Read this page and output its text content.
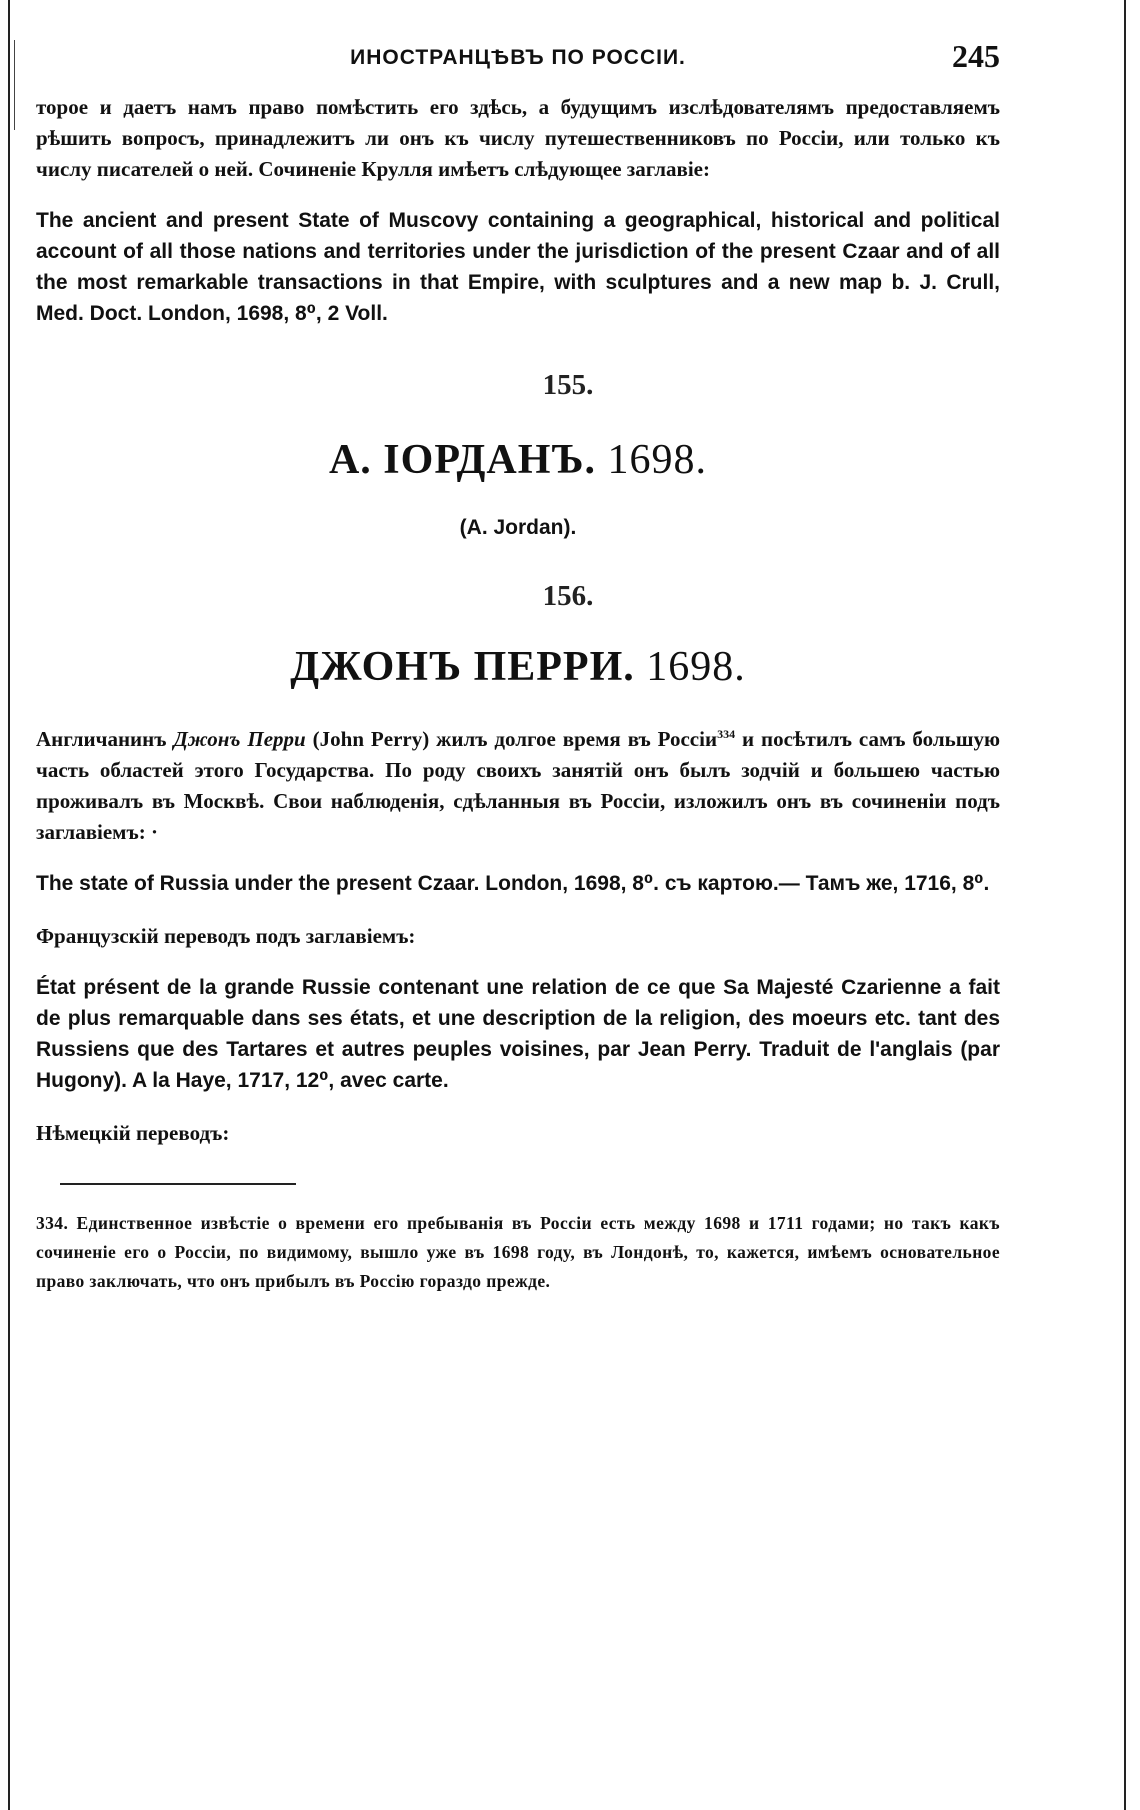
ИНОСТРАНЦѢВЪ ПО РОССІИ.	245

торое и даетъ намъ право помѣстить его здѣсь, а будущимъ изслѣдователямъ предоставляемъ рѣшить вопросъ, принадлежитъ ли онъ къ числу путешественниковъ по Россіи, или только къ числу писателей о ней. Сочиненіе Крулля имѣетъ слѣдующее заглавіе:

The ancient and present State of Muscovy containing a geographical, historical and political account of all those nations and territories under the jurisdiction of the present Czaar and of all the most remarkable transactions in that Empire, with sculptures and a new map b. J. Crull, Med. Doct. London, 1698, 8⁰, 2 Voll.

155.
А. ІОРДАНЪ. 1698.
(A. Jordan).
156.
ДЖОНЪ ПЕРРИ. 1698.

Англичанинъ Джонъ Перри (John Perry) жилъ долгое время въ Россіи$^{334}$ и посѣтилъ самъ большую часть областей этого Государства. По роду своихъ занятій онъ былъ зодчій и большею частью проживалъ въ Москвѣ. Свои наблюденія, сдѣланныя въ Россіи, изложилъ онъ въ сочиненіи подъ заглавіемъ: ·

The state of Russia under the present Czaar. London, 1698, 8⁰. съ картою.— Тамъ же, 1716, 8⁰.

Французскій переводъ подъ заглавіемъ:

État présent de la grande Russie contenant une relation de ce que Sa Majesté Czarienne a fait de plus remarquable dans ses états, et une description de la religion, des moeurs etc. tant des Russiens que des Tartares et autres peuples voisines, par Jean Perry. Traduit de l'anglais (par Hugony). A la Haye, 1717, 12⁰, avec carte.

Нѣмецкій переводъ:

334. Единственное извѣстіе о времени его пребыванія въ Россіи есть между 1698 и 1711 годами; но такъ какъ сочиненіе его о Россіи, по видимому, вышло уже въ 1698 году, въ Лондонѣ, то, кажется, имѣемъ основательное право заключать, что онъ прибылъ въ Россію гораздо прежде.
